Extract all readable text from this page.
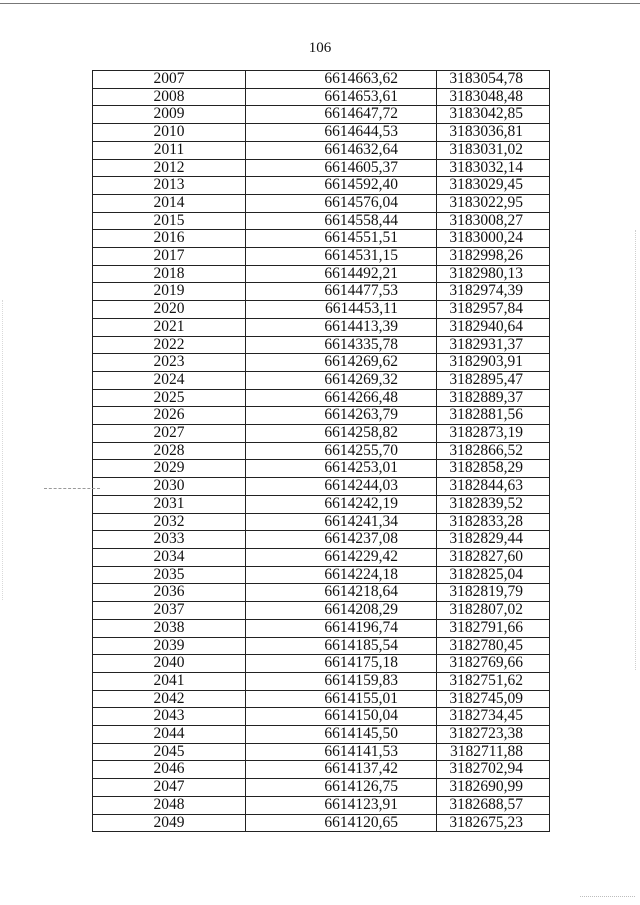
106
2007	6614663,62	3183054,78
2008	6614653,61	3183048,48
2009	6614647,72	3183042,85
2010	6614644,53	3183036,81
2011	6614632,64	3183031,02
2012	6614605,37	3183032,14
2013	6614592,40	3183029,45
2014	6614576,04	3183022,95
2015	6614558,44	3183008,27
2016	6614551,51	3183000,24
2017	6614531,15	3182998,26
2018	6614492,21	3182980,13
2019	6614477,53	3182974,39
2020	6614453,11	3182957,84
2021	6614413,39	3182940,64
2022	6614335,78	3182931,37
2023	6614269,62	3182903,91
2024	6614269,32	3182895,47
2025	6614266,48	3182889,37
2026	6614263,79	3182881,56
2027	6614258,82	3182873,19
2028	6614255,70	3182866,52
2029	6614253,01	3182858,29
2030	6614244,03	3182844,63
2031	6614242,19	3182839,52
2032	6614241,34	3182833,28
2033	6614237,08	3182829,44
2034	6614229,42	3182827,60
2035	6614224,18	3182825,04
2036	6614218,64	3182819,79
2037	6614208,29	3182807,02
2038	6614196,74	3182791,66
2039	6614185,54	3182780,45
2040	6614175,18	3182769,66
2041	6614159,83	3182751,62
2042	6614155,01	3182745,09
2043	6614150,04	3182734,45
2044	6614145,50	3182723,38
2045	6614141,53	3182711,88
2046	6614137,42	3182702,94
2047	6614126,75	3182690,99
2048	6614123,91	3182688,57
2049	6614120,65	3182675,23
